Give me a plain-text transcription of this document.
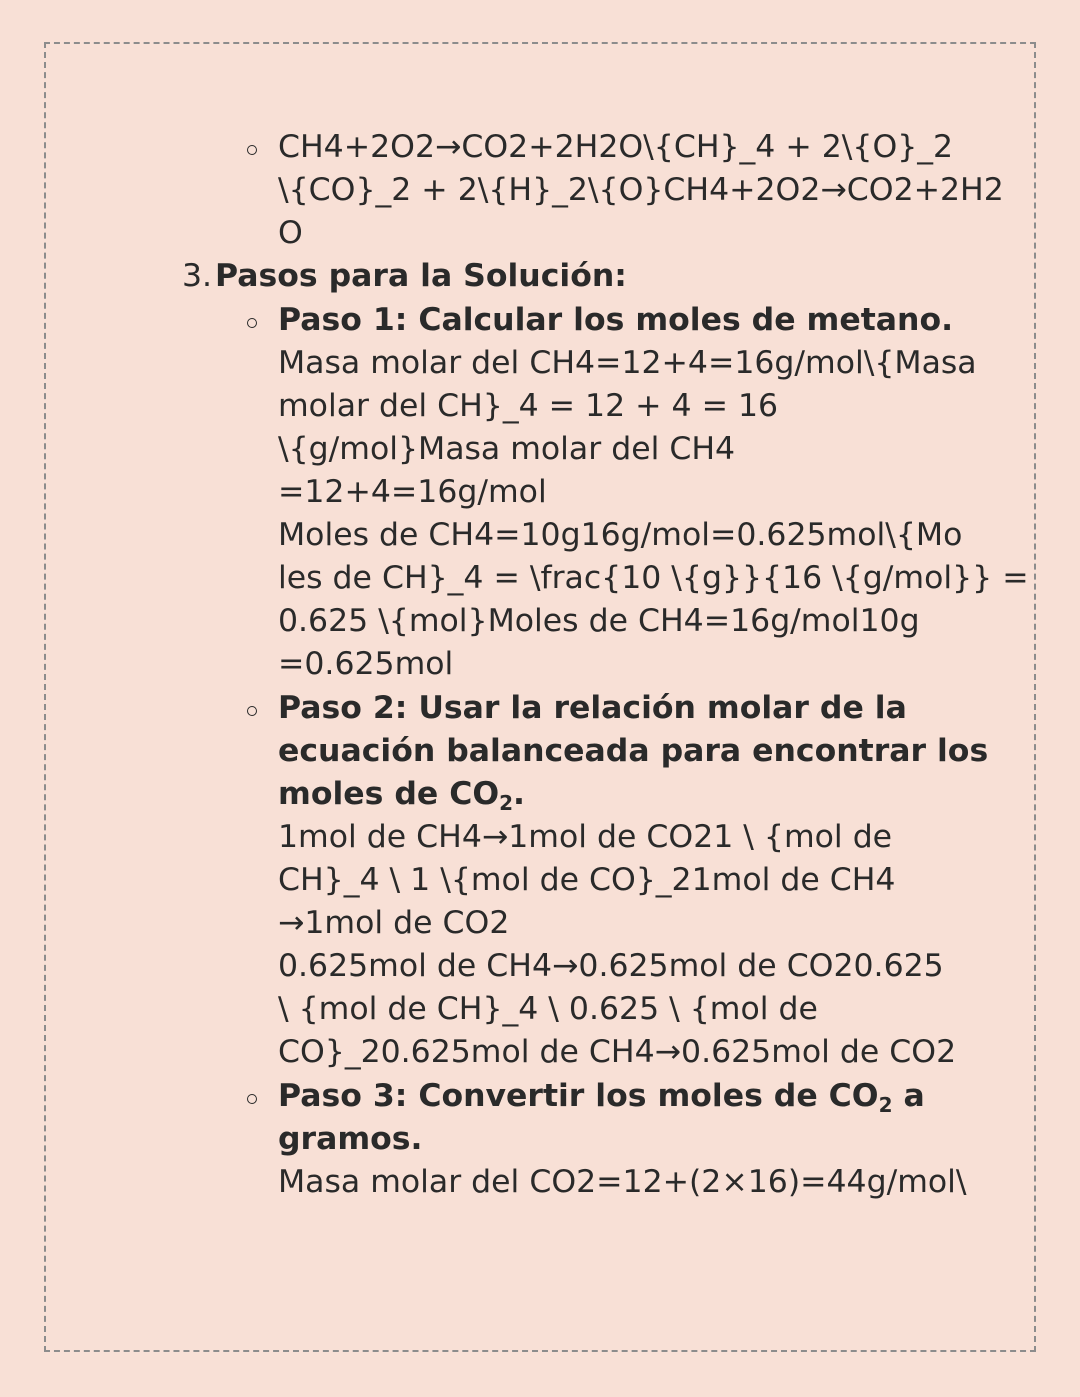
CH4+2O2→CO2+2H2O\{CH}_4 + 2\{O}_2
\{CO}_2 + 2\{H}_2\{O}CH4+2O2→CO2+2H2
O
3. Pasos para la Solución:
Paso 1: Calcular los moles de metano.
Masa molar del CH4=12+4=16g/mol\{Masa
molar del CH}_4 = 12 + 4 = 16
\{g/mol}Masa molar del CH4
=12+4=16g/mol
Moles de CH4=10g16g/mol=0.625mol\{Mo
les de CH}_4 = \frac{10 \{g}}{16 \{g/mol}} =
0.625 \{mol}Moles de CH4=16g/mol10g
=0.625mol
Paso 2: Usar la relación molar de la
ecuación balanceada para encontrar los
moles de $CO_2$.
1mol de CH4→1mol de CO21 \ {mol de
CH}_4 \ 1 \{mol de CO}_21mol de CH4
→1mol de CO2
0.625mol de CH4→0.625mol de CO20.625
\ {mol de CH}_4 \ 0.625 \ {mol de
CO}_20.625mol de CH4→0.625mol de CO2
Paso 3: Convertir los moles de $CO_2$ a
gramos.
Masa molar del CO2=12+(2×16)=44g/mol\
